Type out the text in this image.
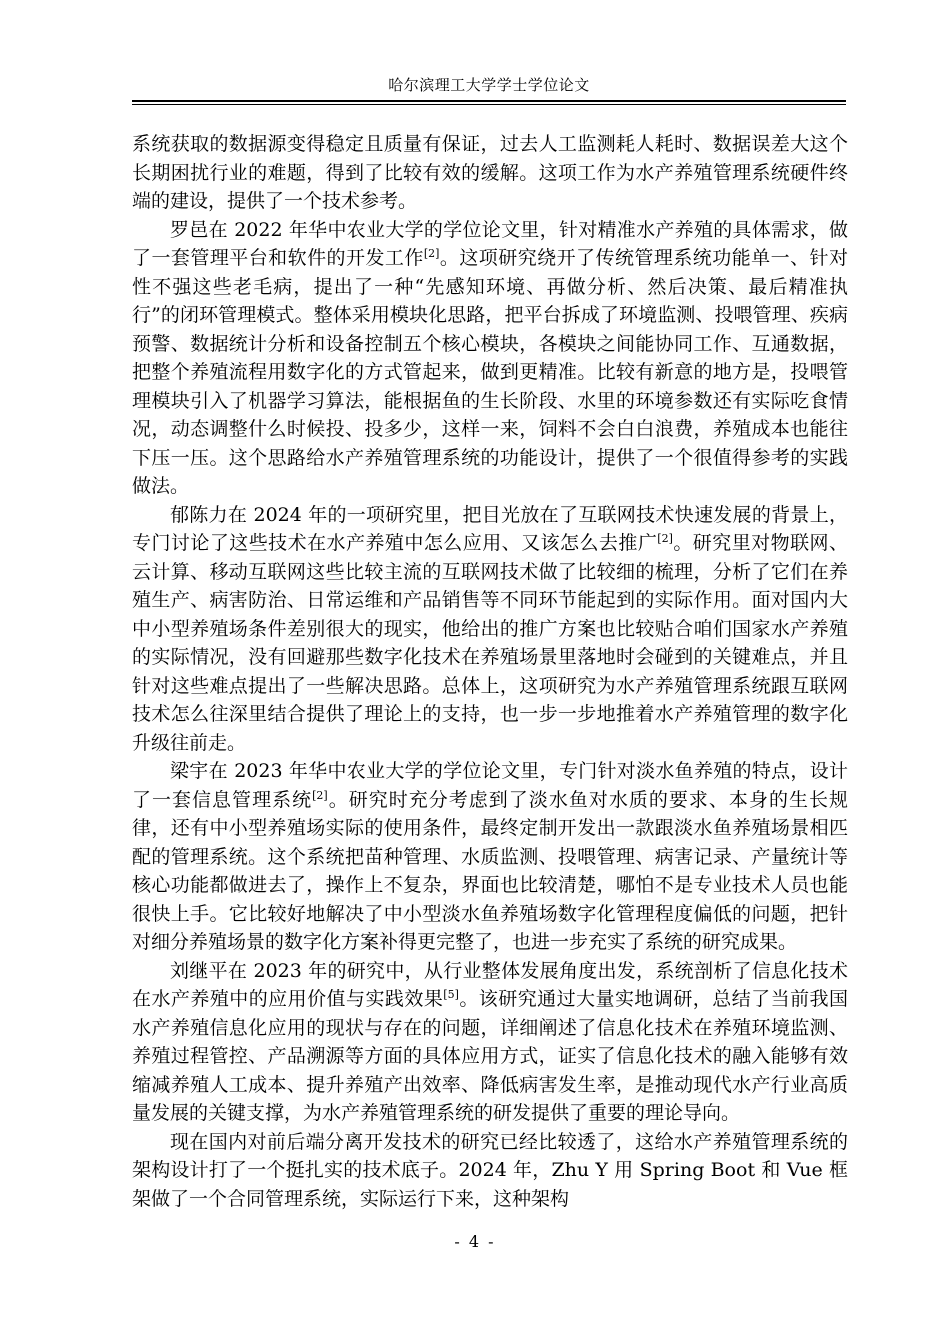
哈尔滨理工大学学士学位论文

系统获取的数据源变得稳定且质量有保证，过去人工监测耗人耗时、数据误差大这个长期困扰行业的难题，得到了比较有效的缓解。这项工作为水产养殖管理系统硬件终端的建设，提供了一个技术参考。

罗邑在 2022 年华中农业大学的学位论文里，针对精准水产养殖的具体需求，做了一套管理平台和软件的开发工作[2]。这项研究绕开了传统管理系统功能单一、针对性不强这些老毛病，提出了一种“先感知环境、再做分析、然后决策、最后精准执行”的闭环管理模式。整体采用模块化思路，把平台拆成了环境监测、投喂管理、疾病预警、数据统计分析和设备控制五个核心模块，各模块之间能协同工作、互通数据，把整个养殖流程用数字化的方式管起来，做到更精准。比较有新意的地方是，投喂管理模块引入了机器学习算法，能根据鱼的生长阶段、水里的环境参数还有实际吃食情况，动态调整什么时候投、投多少，这样一来，饲料不会白白浪费，养殖成本也能往下压一压。这个思路给水产养殖管理系统的功能设计，提供了一个很值得参考的实践做法。

郁陈力在 2024 年的一项研究里，把目光放在了互联网技术快速发展的背景上，专门讨论了这些技术在水产养殖中怎么应用、又该怎么去推广[2]。研究里对物联网、云计算、移动互联网这些比较主流的互联网技术做了比较细的梳理，分析了它们在养殖生产、病害防治、日常运维和产品销售等不同环节能起到的实际作用。面对国内大中小型养殖场条件差别很大的现实，他给出的推广方案也比较贴合咱们国家水产养殖的实际情况，没有回避那些数字化技术在养殖场景里落地时会碰到的关键难点，并且针对这些难点提出了一些解决思路。总体上，这项研究为水产养殖管理系统跟互联网技术怎么往深里结合提供了理论上的支持，也一步一步地推着水产养殖管理的数字化升级往前走。

梁宇在 2023 年华中农业大学的学位论文里，专门针对淡水鱼养殖的特点，设计了一套信息管理系统[2]。研究时充分考虑到了淡水鱼对水质的要求、本身的生长规律，还有中小型养殖场实际的使用条件，最终定制开发出一款跟淡水鱼养殖场景相匹配的管理系统。这个系统把苗种管理、水质监测、投喂管理、病害记录、产量统计等核心功能都做进去了，操作上不复杂，界面也比较清楚，哪怕不是专业技术人员也能很快上手。它比较好地解决了中小型淡水鱼养殖场数字化管理程度偏低的问题，把针对细分养殖场景的数字化方案补得更完整了，也进一步充实了系统的研究成果。

刘继平在 2023 年的研究中，从行业整体发展角度出发，系统剖析了信息化技术在水产养殖中的应用价值与实践效果[5]。该研究通过大量实地调研，总结了当前我国水产养殖信息化应用的现状与存在的问题，详细阐述了信息化技术在养殖环境监测、养殖过程管控、产品溯源等方面的具体应用方式，证实了信息化技术的融入能够有效缩减养殖人工成本、提升养殖产出效率、降低病害发生率，是推动现代水产行业高质量发展的关键支撑，为水产养殖管理系统的研发提供了重要的理论导向。

现在国内对前后端分离开发技术的研究已经比较透了，这给水产养殖管理系统的架构设计打了一个挺扎实的技术底子。2024 年，Zhu Y 用 Spring Boot 和 Vue 框架做了一个合同管理系统，实际运行下来，这种架构

- 4 -
